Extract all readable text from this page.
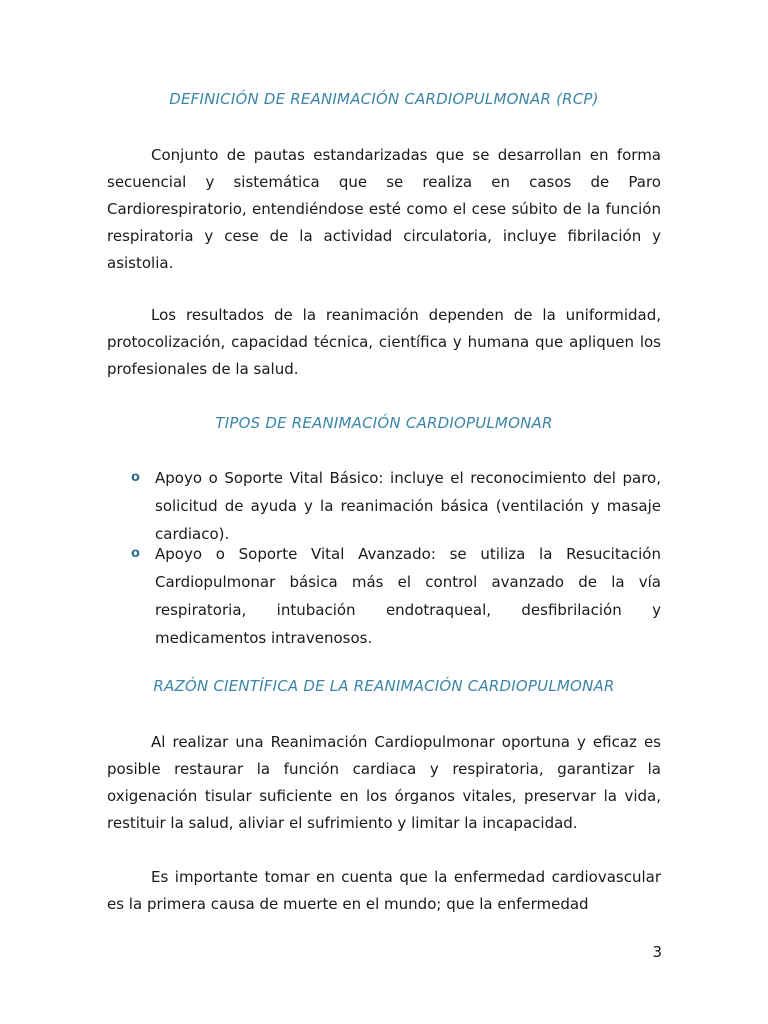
DEFINICIÓN DE REANIMACIÓN CARDIOPULMONAR (RCP)

Conjunto de pautas estandarizadas que se desarrollan en forma secuencial y sistemática que se realiza en casos de Paro Cardiorespiratorio, entendiéndose esté como el cese súbito de la función respiratoria y cese de la actividad circulatoria, incluye fibrilación y asistolia.

Los resultados de la reanimación dependen de la uniformidad, protocolización, capacidad técnica, científica y humana que apliquen los profesionales de la salud.

TIPOS DE REANIMACIÓN CARDIOPULMONAR
o Apoyo o Soporte Vital Básico: incluye el reconocimiento del paro, solicitud de ayuda y la reanimación básica (ventilación y masaje cardiaco).
o Apoyo o Soporte Vital Avanzado: se utiliza la Resucitación Cardiopulmonar básica más el control avanzado de la vía respiratoria, intubación endotraqueal, desfibrilación y medicamentos intravenosos.
RAZÓN CIENTÍFICA DE LA REANIMACIÓN CARDIOPULMONAR

Al realizar una Reanimación Cardiopulmonar oportuna y eficaz es posible restaurar la función cardiaca y respiratoria, garantizar la oxigenación tisular suficiente en los órganos vitales, preservar la vida, restituir la salud, aliviar el sufrimiento y limitar la incapacidad.

Es importante tomar en cuenta que la enfermedad cardiovascular es la primera causa de muerte en el mundo; que la enfermedad

3
